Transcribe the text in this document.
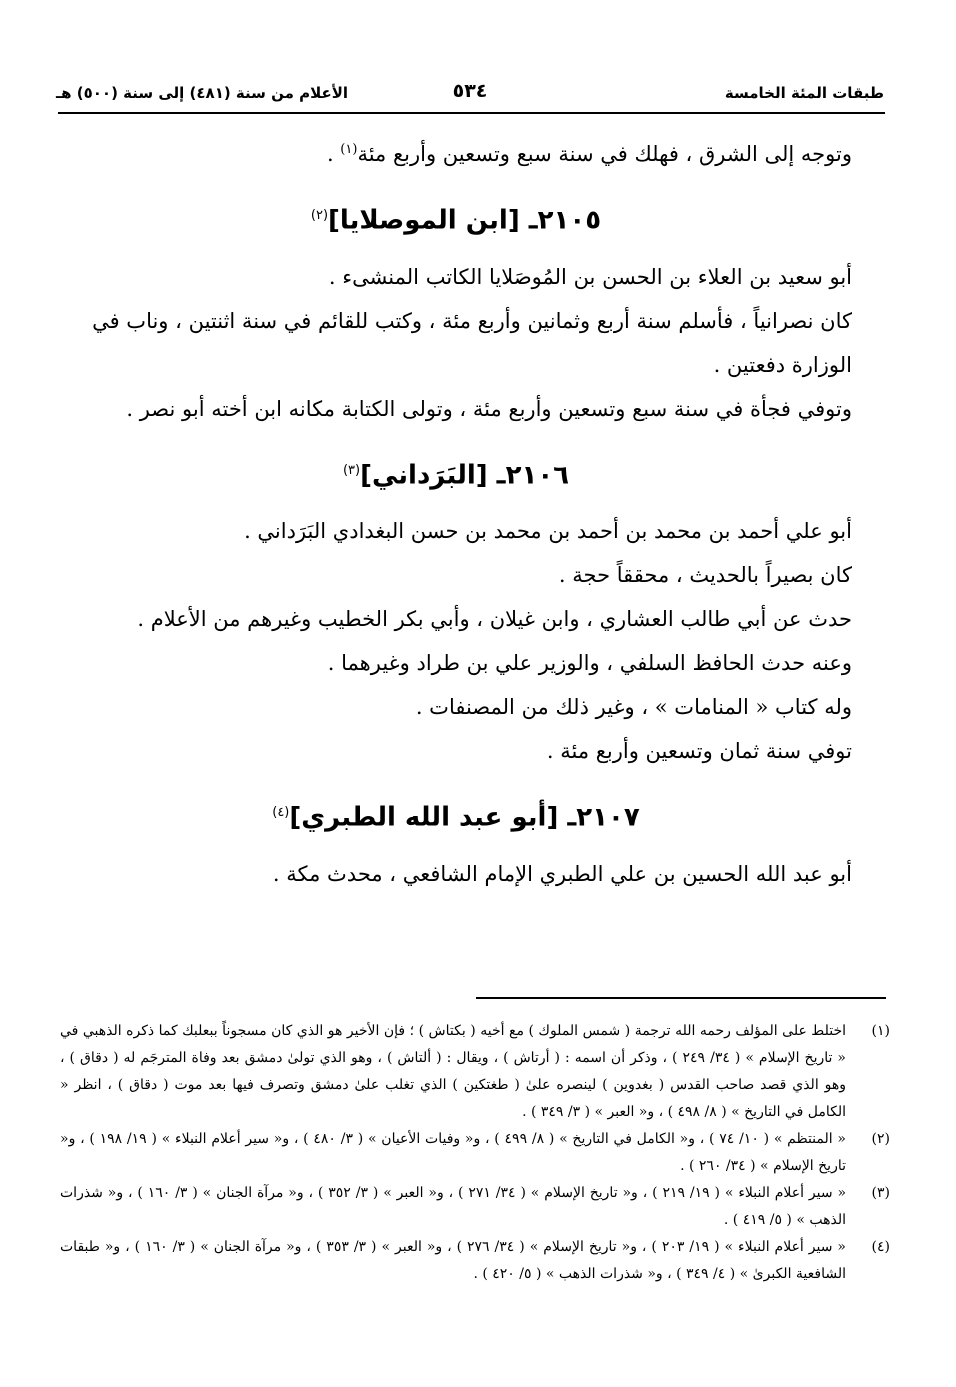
طبقات المئة الخامسة
٥٣٤
الأعلام من سنة (٤٨١) إلى سنة (٥٠٠) هـ

وتوجه إلى الشرق ، فهلك في سنة سبع وتسعين وأربع مئة$^{(١)}$ .

٢١٠٥ـ [ابن الموصلايا]$^{(٢)}$

أبو سعيد بن العلاء بن الحسن بن المُوصَلايا الكاتب المنشىء .

كان نصرانياً ، فأسلم سنة أربع وثمانين وأربع مئة ، وكتب للقائم في سنة اثنتين ، وناب في الوزارة دفعتين .

وتوفي فجأة في سنة سبع وتسعين وأربع مئة ، وتولى الكتابة مكانه ابن أخته أبو نصر .

٢١٠٦ـ [البَرَداني]$^{(٣)}$

أبو علي أحمد بن محمد بن أحمد بن محمد بن حسن البغدادي البَرَداني .

كان بصيراً بالحديث ، محققاً حجة .

حدث عن أبي طالب العشاري ، وابن غيلان ، وأبي بكر الخطيب وغيرهم من الأعلام .

وعنه حدث الحافظ السلفي ، والوزير علي بن طراد وغيرهما .

وله كتاب « المنامات » ، وغير ذلك من المصنفات .

توفي سنة ثمان وتسعين وأربع مئة .

٢١٠٧ـ [أبو عبد الله الطبري]$^{(٤)}$

أبو عبد الله الحسين بن علي الطبري الإمام الشافعي ، محدث مكة .

(١)
اختلط على المؤلف رحمه الله ترجمة ( شمس الملوك ) مع أخيه ( بكتاش ) ؛ فإن الأخير هو الذي كان مسجوناً ببعلبك كما ذكره الذهبي في « تاريخ الإسلام » ( ٣٤/ ٢٤٩ ) ، وذكر أن اسمه : ( أرتاش ) ، ويقال : ( ألتاش ) ، وهو الذي تولىٰ دمشق بعد وفاة المترجَم له ( دقاق ) ، وهو الذي قصد صاحب القدس ( بغدوين ) لينصره علىٰ ( طغتكين ) الذي تغلب علىٰ دمشق وتصرف فيها بعد موت ( دقاق ) ، انظر « الكامل في التاريخ » ( ٨/ ٤٩٨ ) ، و« العبر » ( ٣/ ٣٤٩ ) .
(٢)
« المنتظم » ( ١٠/ ٧٤ ) ، و« الكامل في التاريخ » ( ٨/ ٤٩٩ ) ، و« وفيات الأعيان » ( ٣/ ٤٨٠ ) ، و« سير أعلام النبلاء » ( ١٩/ ١٩٨ ) ، و« تاريخ الإسلام » ( ٣٤/ ٢٦٠ ) .
(٣)
« سير أعلام النبلاء » ( ١٩/ ٢١٩ ) ، و« تاريخ الإسلام » ( ٣٤/ ٢٧١ ) ، و« العبر » ( ٣/ ٣٥٢ ) ، و« مرآة الجنان » ( ٣/ ١٦٠ ) ، و« شذرات الذهب » ( ٥/ ٤١٩ ) .
(٤)
« سير أعلام النبلاء » ( ١٩/ ٢٠٣ ) ، و« تاريخ الإسلام » ( ٣٤/ ٢٧٦ ) ، و« العبر » ( ٣/ ٣٥٣ ) ، و« مرآة الجنان » ( ٣/ ١٦٠ ) ، و« طبقات الشافعية الكبرىٰ » ( ٤/ ٣٤٩ ) ، و« شذرات الذهب » ( ٥/ ٤٢٠ ) .
